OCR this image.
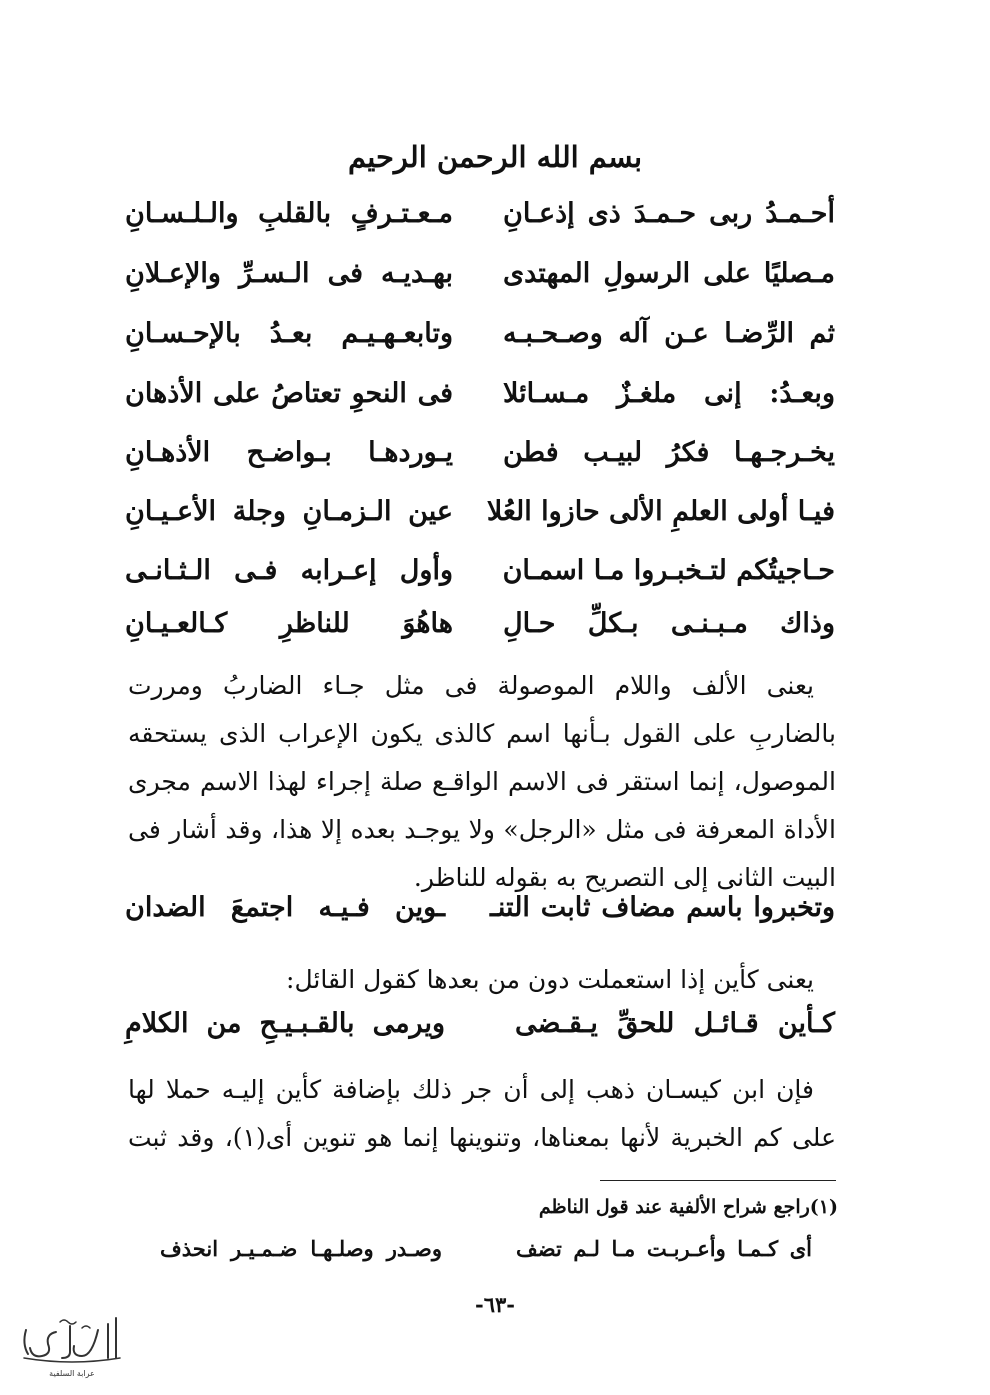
بسم الله الرحمن الرحيم
أحـمـدُ ربى حـمـدَ ذى إذعـانِ
مـعـتـرفٍ بالقلبِ والـلـسـانِ
مـصليًا على الرسولِ المهتدى
بهـديـه فى الـسـرِّ والإعـلانِ
ثم الرِّضـا عـن آله وصـحـبـه
وتابعـهـيـم بعـدُ بالإحـسـانِ
وبعـدُ: إنى ملغـزٌ مـسـائلا
فى النحوِ تعتاصُ على الأذهان
يخـرجـهـا فكرُ لبيـب فطن
يـوردهـا بـواضـح الأذهـانِ
فيـا أولى العلمِ الألى حازوا العُلا
عين الـزمـانِ وجلة الأعـيـانِ
حـاجيتُكم لتـخبـروا مـا اسمـان
وأول إعـرابه فـى الـثـانـى
وذاك مـبـنـى بـكلِّ حـالِ
هاهُوَ للناظرِ كـالعـيـانِ
يعنى الألف واللام الموصولة فى مثل جـاء الضاربُ ومررت
بالضاربِ على القول بـأنها اسم كالذى يكون الإعراب الذى يستحقه
الموصول، إنما استقر فى الاسم الواقـع صلة إجراء لهذا الاسم مجرى
الأداة المعرفة فى مثل «الرجل» ولا يوجـد بعده إلا هذا، وقد أشار فى
البيت الثانى إلى التصريح به بقوله للناظر.
وتخبروا باسم مضاف ثابت التنـ
ـوين فـيـه اجتمعَ الضدان
يعنى كأين إذا استعملت دون من بعدها كقول القائل:
كـأين قـائـل للحقِّ يـقـضى
ويرمى بالقـبـيـحِ من الكلامِ
فإن ابن كيسـان ذهب إلى أن جر ذلك بإضافة كأين إليـه حملا لها
على كم الخبرية لأنها بمعناها، وتنوينها إنما هو تنوين أى(١)، وقد ثبت
(١)راجع شراح الألفية عند قول الناظم
أى كـمـا وأعـربـت مـا لـم تضف
وصـدر وصلـهـا ضـمـيـر انحذف
-٦٣-
عرابة السلفية
